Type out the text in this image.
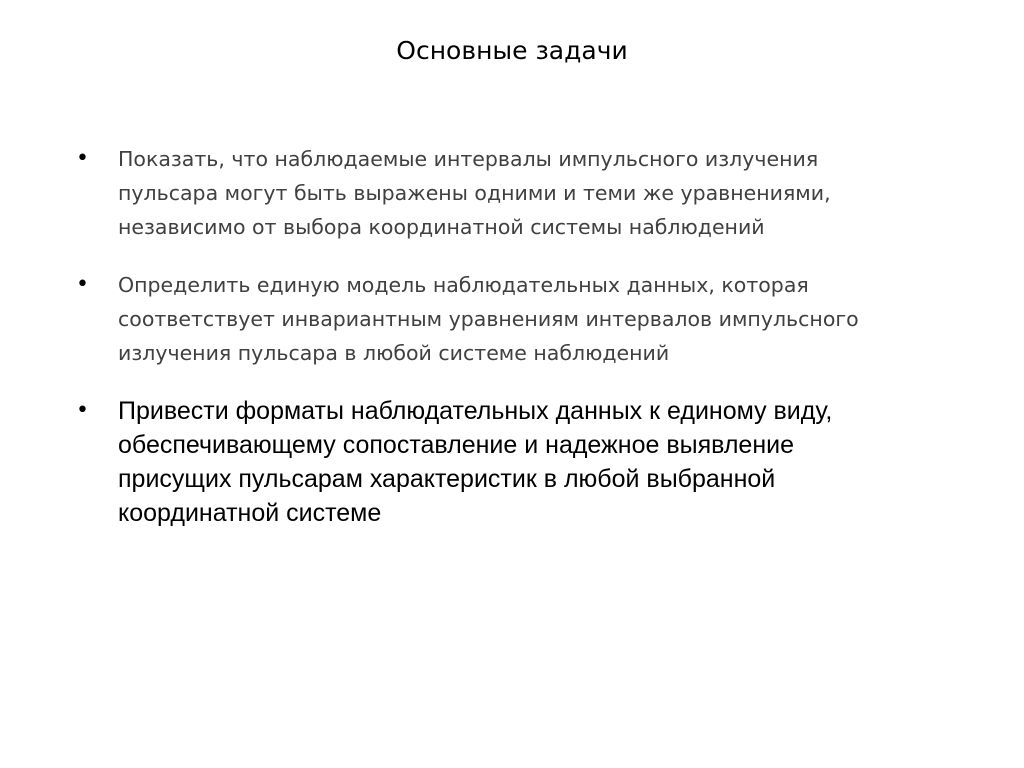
Основные задачи
• Показать, что наблюдаемые интервалы импульсного излучения
пульсара могут быть выражены одними и теми же уравнениями,
независимо от выбора координатной системы наблюдений

• Определить единую модель наблюдательных данных, которая
соответствует инвариантным уравнениям интервалов импульсного
излучения пульсара в любой системе наблюдений

• Привести форматы наблюдательных данных к единому виду,
обеспечивающему сопоставление и надежное выявление
присущих пульсарам характеристик в любой выбранной
координатной системе
